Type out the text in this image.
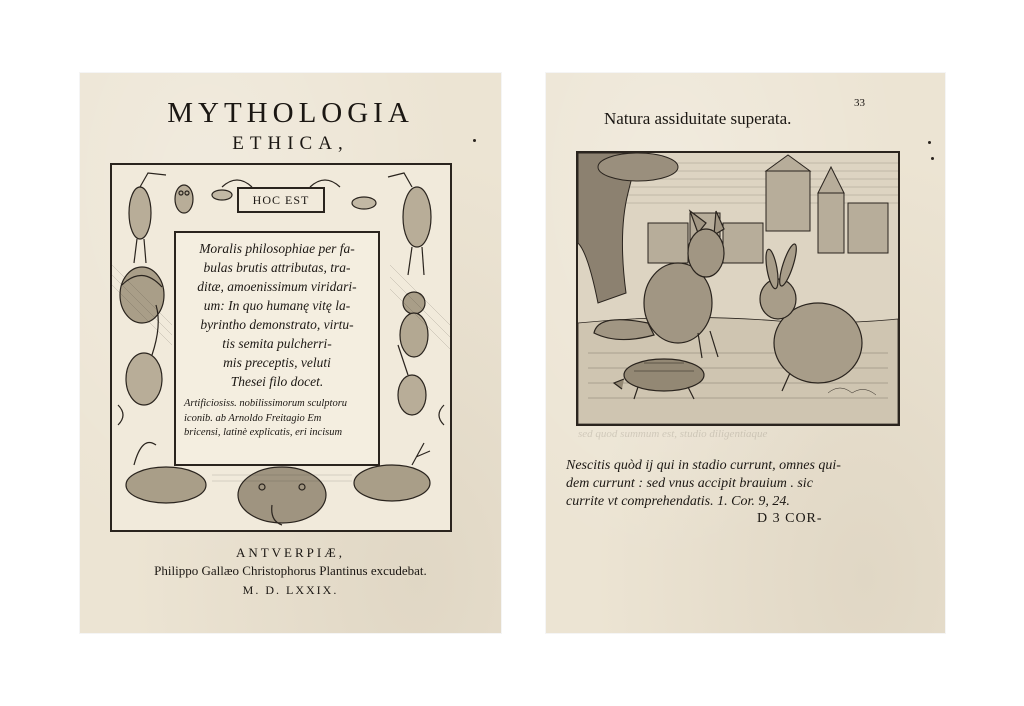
MYTHOLOGIA
ETHICA,
HOC EST
Moralis philosophiae per fa-
bulas brutis attributas, tra-
ditæ, amoenissimum viridari-
um: In quo humanę vitę la-
byrintho demonstrato, virtu-
tis semita pulcherri-
mis preceptis, veluti
Thesei filo docet.
Artificiosiss. nobilissimorum sculptoru
iconib. ab Arnoldo Freitagio Em
bricensi, latinè explicatis, eri incisum
ANTVERPIÆ,
Philippo Gallæo Christophorus Plantinus excudebat.
M. D. LXXIX.
33
Natura assiduitate superata.
sed quod summum est, studio diligentiaque
Nescitis quòd ij qui in stadio currunt, omnes qui-
dem currunt : sed vnus accipit brauium . sic
currite vt comprehendatis. 1. Cor. 9, 24.
D 3 COR-
